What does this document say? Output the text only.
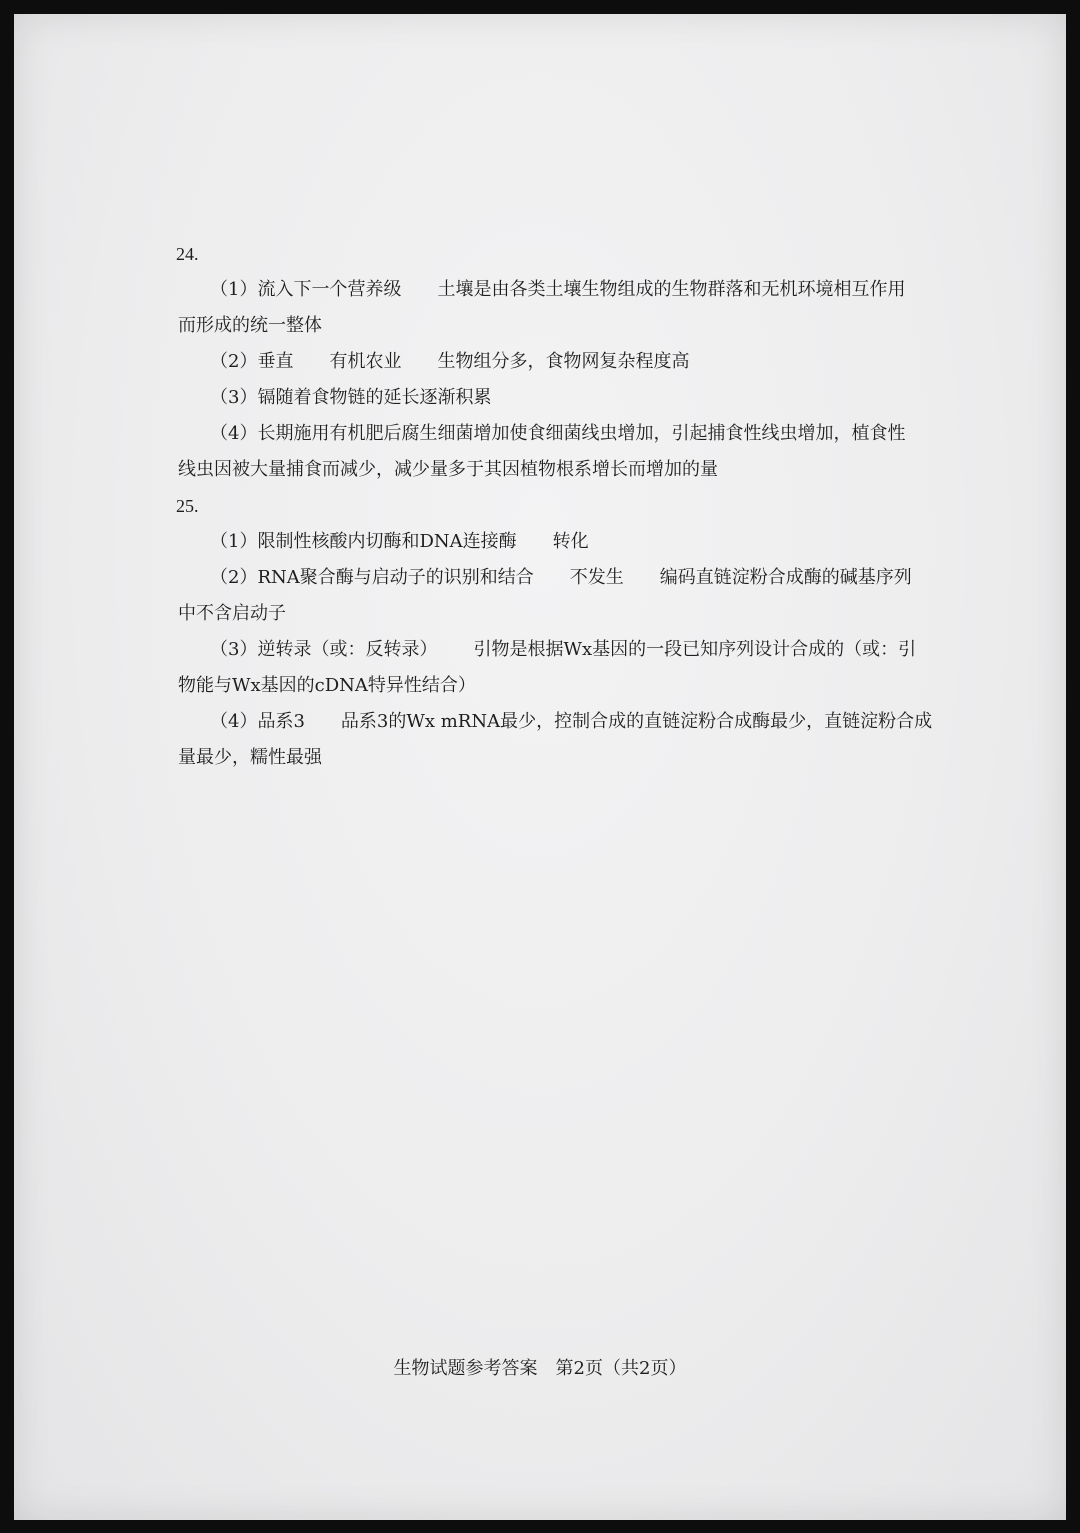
24.
（1）流入下一个营养级 土壤是由各类土壤生物组成的生物群落和无机环境相互作用
而形成的统一整体
（2）垂直 有机农业 生物组分多，食物网复杂程度高
（3）镉随着食物链的延长逐渐积累
（4）长期施用有机肥后腐生细菌增加使食细菌线虫增加，引起捕食性线虫增加，植食性
线虫因被大量捕食而减少，减少量多于其因植物根系增长而增加的量
25.
（1）限制性核酸内切酶和DNA连接酶 转化
（2）RNA聚合酶与启动子的识别和结合 不发生 编码直链淀粉合成酶的碱基序列
中不含启动子
（3）逆转录（或：反转录） 引物是根据Wx基因的一段已知序列设计合成的（或：引
物能与Wx基因的cDNA特异性结合）
（4）品系3 品系3的Wx mRNA最少，控制合成的直链淀粉合成酶最少，直链淀粉合成
量最少，糯性最强
生物试题参考答案 第2页（共2页）
